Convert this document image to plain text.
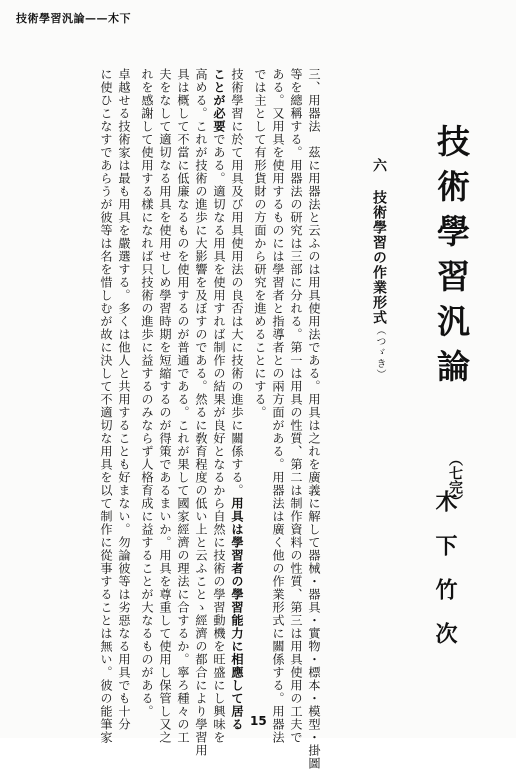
技術學習汎論——木下
技術學習汎論
（七完）
木下竹次
六 技術學習の作業形式（つゞき）
三、用器法　茲に用器法と云ふのは用具使用法である。用具は之れを廣義に解して器械・器具・實物・標本・模型・掛圖
等を總稱する。用器法の研究は三部に分れる。第一は用具の性質、第二は制作資料の性質、第三は用具使用の工夫で
ある。又用具を使用するものには學習者と指導者との兩方面がある。用器法は廣く他の作業形式に關係する。用器法
では主として有形貨財の方面から研究を進めることにする。
技術學習に於て用具及び用具使用法の良否は大に技術の進歩に關係する。用具は學習者の學習能力に相應して居る
ことが必要である。適切なる用具を使用すれば制作の結果が良好となるから自然に技術の學習動機を旺盛にし興味を
高める。これが技術の進歩に大影響を及ぼすのである。然るに敎育程度の低い上と云ふことゝ經濟の都合により學習用
具は概して不當に低廉なるものを使用するのが普通である。これが果して國家經濟の理法に合するか。寧ろ種々の工
夫をなして適切なる用具を使用せしめ學習時期を短縮するのが得策であるまいか。用具を尊重して使用し保管し又之
れを感謝して使用する樣になれば只技術の進歩に益するのみならず人格育成に益することが大なるものがある。
卓越せる技術家は最も用具を嚴選する。多くは他人と共用することも好まない。勿論彼等は劣惡なる用具でも十分
に使ひこなすであらうが彼等は名を惜しむが故に決して不適切な用具を以て制作に從事することは無い。彼の能筆家	15
